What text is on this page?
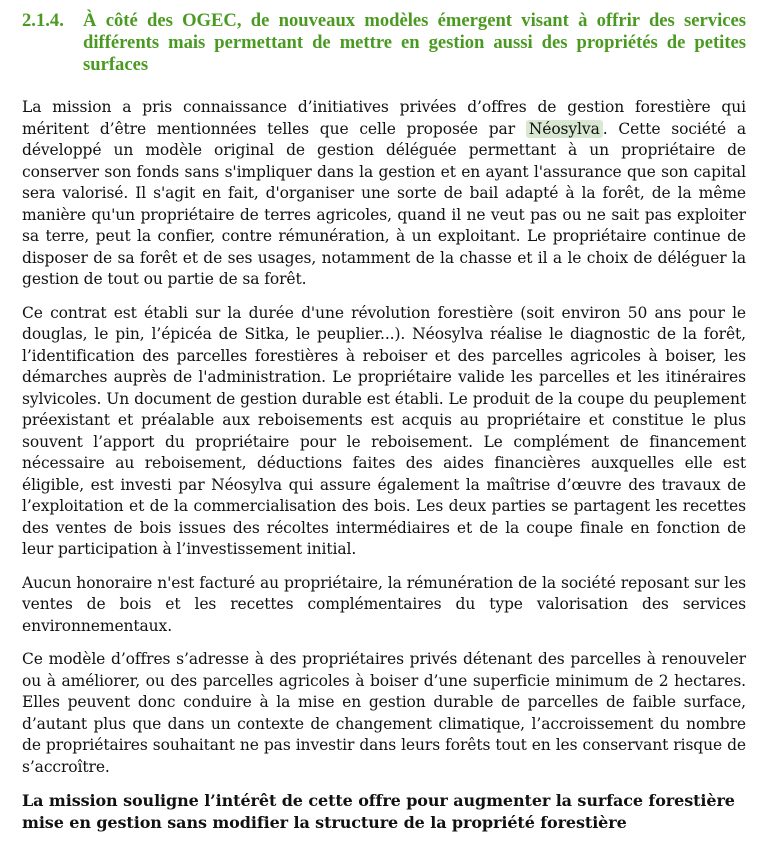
2.1.4.	À côté des OGEC, de nouveaux modèles émergent visant à offrir des services différents mais permettant de mettre en gestion aussi des propriétés de petites surfaces

La mission a pris connaissance d’initiatives privées d’offres de gestion forestière qui méritent d’être mentionnées telles que celle proposée par Néosylva . Cette société a développé un modèle original de gestion déléguée permettant à un propriétaire de conserver son fonds sans s'impliquer dans la gestion et en ayant l'assurance que son capital sera valorisé. Il s'agit en fait, d'organiser une sorte de bail adapté à la forêt, de la même manière qu'un propriétaire de terres agricoles, quand il ne veut pas ou ne sait pas exploiter sa terre, peut la confier, contre rémunération, à un exploitant. Le propriétaire continue de disposer de sa forêt et de ses usages, notamment de la chasse et il a le choix de déléguer la gestion de tout ou partie de sa forêt.

Ce contrat est établi sur la durée d'une révolution forestière (soit environ 50 ans pour le douglas, le pin, l’épicéa de Sitka, le peuplier...). Néosylva réalise le diagnostic de la forêt, l’identification des parcelles forestières à reboiser et des parcelles agricoles à boiser, les démarches auprès de l'administration. Le propriétaire valide les parcelles et les itinéraires sylvicoles. Un document de gestion durable est établi. Le produit de la coupe du peuplement préexistant et préalable aux reboisements est acquis au propriétaire et constitue le plus souvent l’apport du propriétaire pour le reboisement. Le complément de financement nécessaire au reboisement, déductions faites des aides financières auxquelles elle est éligible, est investi par Néosylva qui assure également la maîtrise d’œuvre des travaux de l’exploitation et de la commercialisation des bois. Les deux parties se partagent les recettes des ventes de bois issues des récoltes intermédiaires et de la coupe finale en fonction de leur participation à l’investissement initial.

Aucun honoraire n'est facturé au propriétaire, la rémunération de la société reposant sur les ventes de bois et les recettes complémentaires du type valorisation des services environnementaux.

Ce modèle d’offres s’adresse à des propriétaires privés détenant des parcelles à renouveler ou à améliorer, ou des parcelles agricoles à boiser d’une superficie minimum de 2 hectares. Elles peuvent donc conduire à la mise en gestion durable de parcelles de faible surface, d’autant plus que dans un contexte de changement climatique, l’accroissement du nombre de propriétaires souhaitant ne pas investir dans leurs forêts tout en les conservant risque de s’accroître.

La mission souligne l’intérêt de cette offre pour augmenter la surface forestière mise en gestion sans modifier la structure de la propriété forestière
